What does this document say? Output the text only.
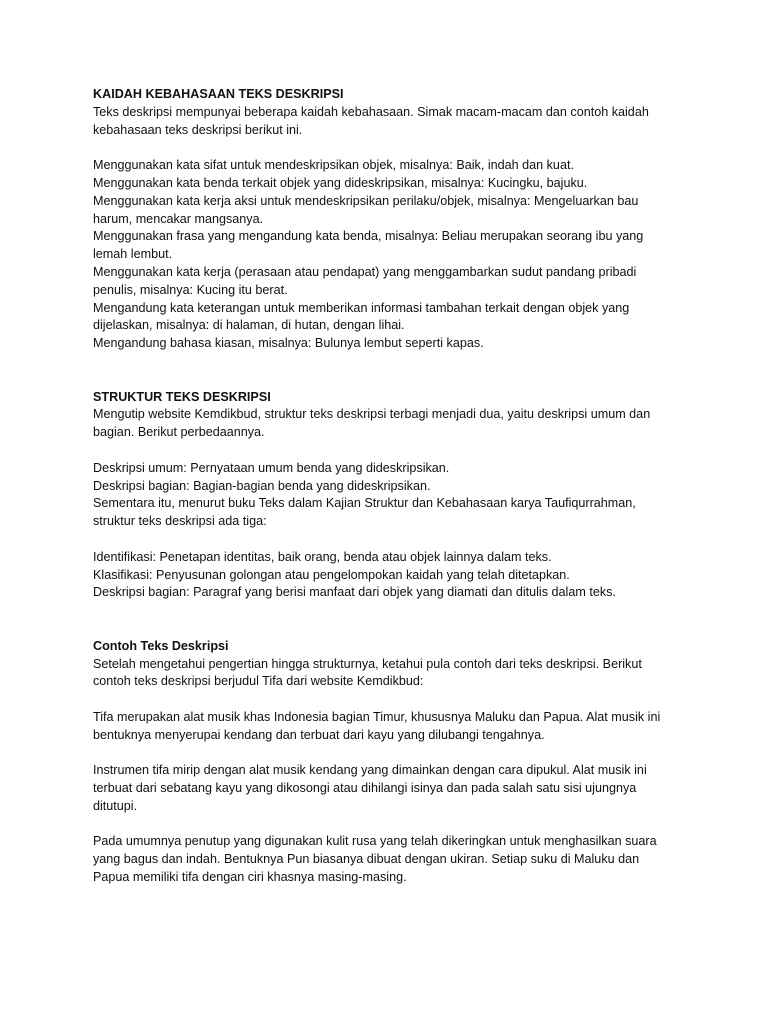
KAIDAH KEBAHASAAN TEKS DESKRIPSI
Teks deskripsi mempunyai beberapa kaidah kebahasaan. Simak macam-macam dan contoh kaidah
kebahasaan teks deskripsi berikut ini.
Menggunakan kata sifat untuk mendeskripsikan objek, misalnya: Baik, indah dan kuat.
Menggunakan kata benda terkait objek yang dideskripsikan, misalnya: Kucingku, bajuku.
Menggunakan kata kerja aksi untuk mendeskripsikan perilaku/objek, misalnya: Mengeluarkan bau
harum, mencakar mangsanya.
Menggunakan frasa yang mengandung kata benda, misalnya: Beliau merupakan seorang ibu yang
lemah lembut.
Menggunakan kata kerja (perasaan atau pendapat) yang menggambarkan sudut pandang pribadi
penulis, misalnya: Kucing itu berat.
Mengandung kata keterangan untuk memberikan informasi tambahan terkait dengan objek yang
dijelaskan, misalnya: di halaman, di hutan, dengan lihai.
Mengandung bahasa kiasan, misalnya: Bulunya lembut seperti kapas.
STRUKTUR TEKS DESKRIPSI
Mengutip website Kemdikbud, struktur teks deskripsi terbagi menjadi dua, yaitu deskripsi umum dan
bagian. Berikut perbedaannya.
Deskripsi umum: Pernyataan umum benda yang dideskripsikan.
Deskripsi bagian: Bagian-bagian benda yang dideskripsikan.
Sementara itu, menurut buku Teks dalam Kajian Struktur dan Kebahasaan karya Taufiqurrahman,
struktur teks deskripsi ada tiga:
Identifikasi: Penetapan identitas, baik orang, benda atau objek lainnya dalam teks.
Klasifikasi: Penyusunan golongan atau pengelompokan kaidah yang telah ditetapkan.
Deskripsi bagian: Paragraf yang berisi manfaat dari objek yang diamati dan ditulis dalam teks.
Contoh Teks Deskripsi
Setelah mengetahui pengertian hingga strukturnya, ketahui pula contoh dari teks deskripsi. Berikut
contoh teks deskripsi berjudul Tifa dari website Kemdikbud:
Tifa merupakan alat musik khas Indonesia bagian Timur, khususnya Maluku dan Papua. Alat musik ini
bentuknya menyerupai kendang dan terbuat dari kayu yang dilubangi tengahnya.
Instrumen tifa mirip dengan alat musik kendang yang dimainkan dengan cara dipukul. Alat musik ini
terbuat dari sebatang kayu yang dikosongi atau dihilangi isinya dan pada salah satu sisi ujungnya
ditutupi.
Pada umumnya penutup yang digunakan kulit rusa yang telah dikeringkan untuk menghasilkan suara
yang bagus dan indah. Bentuknya Pun biasanya dibuat dengan ukiran. Setiap suku di Maluku dan
Papua memiliki tifa dengan ciri khasnya masing-masing.
